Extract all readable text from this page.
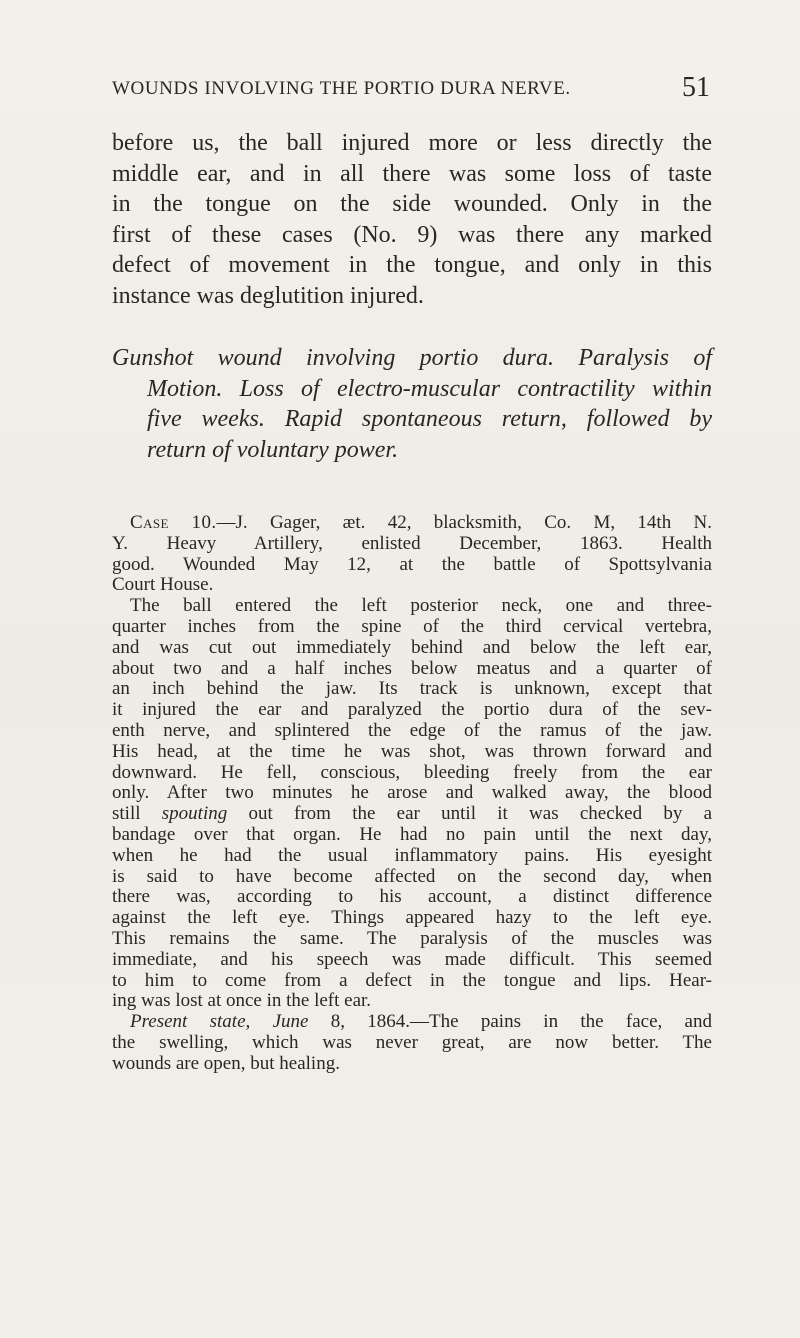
WOUNDS INVOLVING THE PORTIO DURA NERVE.	51
before us, the ball injured more or less directly the
middle ear, and in all there was some loss of taste
in the tongue on the side wounded. Only in the
first of these cases (No. 9) was there any marked
defect of movement in the tongue, and only in this
instance was deglutition injured.
Gunshot wound involving portio dura. Paralysis of
Motion. Loss of electro-muscular contractility within
five weeks. Rapid spontaneous return, followed by
return of voluntary power.
Case 10.—J. Gager, æt. 42, blacksmith, Co. M, 14th N.
Y. Heavy Artillery, enlisted December, 1863. Health
good. Wounded May 12, at the battle of Spottsylvania
Court House.
The ball entered the left posterior neck, one and three-
quarter inches from the spine of the third cervical vertebra,
and was cut out immediately behind and below the left ear,
about two and a half inches below meatus and a quarter of
an inch behind the jaw. Its track is unknown, except that
it injured the ear and paralyzed the portio dura of the sev-
enth nerve, and splintered the edge of the ramus of the jaw.
His head, at the time he was shot, was thrown forward and
downward. He fell, conscious, bleeding freely from the ear
only. After two minutes he arose and walked away, the blood
still spouting out from the ear until it was checked by a
bandage over that organ. He had no pain until the next day,
when he had the usual inflammatory pains. His eyesight
is said to have become affected on the second day, when
there was, according to his account, a distinct difference
against the left eye. Things appeared hazy to the left eye.
This remains the same. The paralysis of the muscles was
immediate, and his speech was made difficult. This seemed
to him to come from a defect in the tongue and lips. Hear-
ing was lost at once in the left ear.
Present state, June 8, 1864.—The pains in the face, and
the swelling, which was never great, are now better. The
wounds are open, but healing.
